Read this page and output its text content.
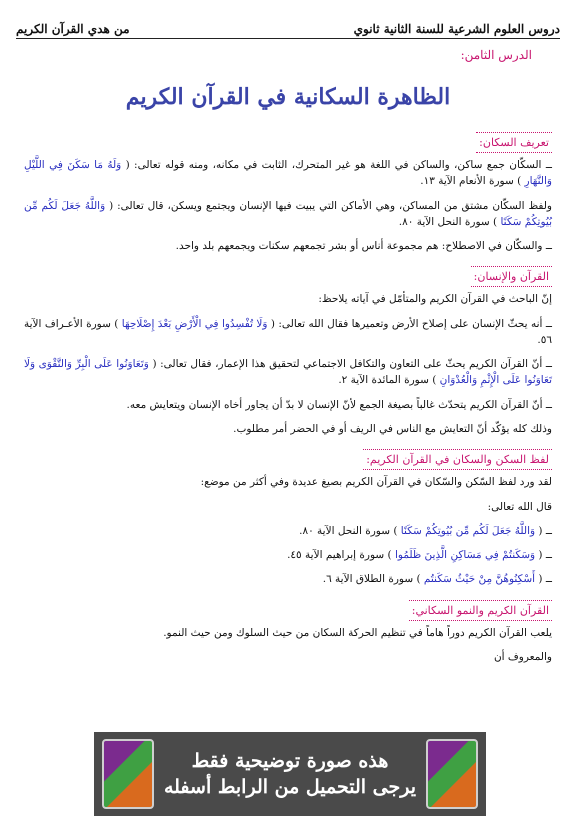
دروس العلوم الشرعية للسنة الثانية ثانوي
من هدي القرآن الكريم
الدرس الثامن:
الظاهرة السكانية في القرآن الكريم
تعريف السكان:

ــ السكّان جمع ساكن، والساكن في اللغة هو غير المتحرك، الثابت في مكانه، ومنه قوله تعالى: ( وَلَهُ مَا سَكَنَ فِي اللَّيْلِ وَالنَّهَارِ ) سورة الأنعام الآية ١٣.

ولفظ السكّان مشتق من المساكن، وهي الأماكن التي يبيت فيها الإنسان ويجتمع ويسكن، قال تعالى: ( وَاللَّهُ جَعَلَ لَكُم مِّن بُيُوتِكُمْ سَكَنًا ) سورة النحل الآية ٨٠.

ــ والسكّان في الاصطلاح: هم مجموعة أناس أو بشر تجمعهم سكنات ويجمعهم بلد واحد.

القرآن والإنسان:

إنّ الباحث في القرآن الكريم والمتأمّل في آياته يلاحظ:

ــ أنه يحثّ الإنسان على إصلاح الأرض وتعميرها فقال الله تعالى: ( وَلَا تُفْسِدُوا فِي الْأَرْضِ بَعْدَ إِصْلَاحِهَا ) سورة الأعـراف الآية ٥٦.

ــ أنّ القرآن الكريم يحثّ على التعاون والتكافل الاجتماعي لتحقيق هذا الإعمار، فقال تعالى: ( وَتَعَاوَنُوا عَلَى الْبِرِّ وَالتَّقْوَى وَلَا تَعَاوَنُوا عَلَى الْإِثْمِ وَالْعُدْوَانِ ) سورة المائدة الآية ٢.

ــ أنّ القرآن الكريم يتحدّث غالباً بصيغة الجمع لأنّ الإنسان لا بدّ أن يجاور أخاه الإنسان ويتعايش معه.

وذلك كله يؤكّد أنّ التعايش مع الناس في الريف أو في الحضر أمر مطلوب.

لفظ السكن والسكان في القرآن الكريم:

لقد ورد لفظ السّكن والسّكان في القرآن الكريم بصيغ عديدة وفي أكثر من موضع:

قال الله تعالى:

ــ ( وَاللَّهُ جَعَلَ لَكُم مِّن بُيُوتِكُمْ سَكَنًا ) سورة النحل الآية ٨٠.

ــ ( وَسَكَنتُمْ فِي مَسَاكِنِ الَّذِينَ ظَلَمُوا ) سورة إبراهيم الآية ٤٥.

ــ ( أَسْكِنُوهُنَّ مِنْ حَيْثُ سَكَنتُم ) سورة الطلاق الآية ٦.

القرآن الكريم والنمو السكاني:

يلعب القرآن الكريم دوراً هاماً في تنظيم الحركة السكان من حيث السلوك ومن حيث النمو.

والمعروف أن

هذه صورة توضيحية فقط
يرجى التحميل من الرابط أسفله
